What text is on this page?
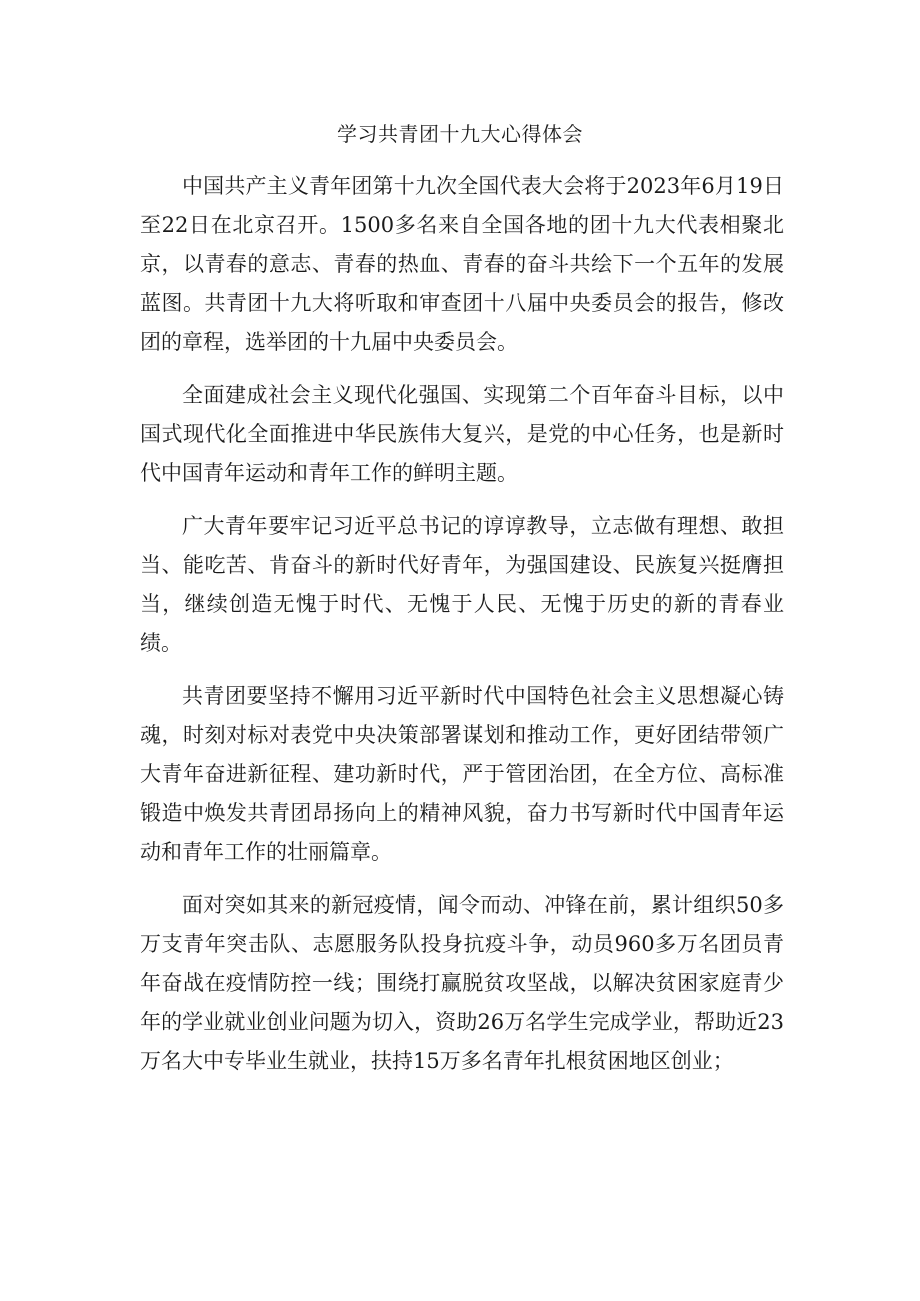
学习共青团十九大心得体会

中国共产主义青年团第十九次全国代表大会将于2023年6月19日至22日在北京召开。1500多名来自全国各地的团十九大代表相聚北京，以青春的意志、青春的热血、青春的奋斗共绘下一个五年的发展蓝图。共青团十九大将听取和审查团十八届中央委员会的报告，修改团的章程，选举团的十九届中央委员会。

全面建成社会主义现代化强国、实现第二个百年奋斗目标，以中国式现代化全面推进中华民族伟大复兴，是党的中心任务，也是新时代中国青年运动和青年工作的鲜明主题。

广大青年要牢记习近平总书记的谆谆教导，立志做有理想、敢担当、能吃苦、肯奋斗的新时代好青年，为强国建设、民族复兴挺膺担当，继续创造无愧于时代、无愧于人民、无愧于历史的新的青春业绩。

共青团要坚持不懈用习近平新时代中国特色社会主义思想凝心铸魂，时刻对标对表党中央决策部署谋划和推动工作，更好团结带领广大青年奋进新征程、建功新时代，严于管团治团，在全方位、高标准锻造中焕发共青团昂扬向上的精神风貌，奋力书写新时代中国青年运动和青年工作的壮丽篇章。

面对突如其来的新冠疫情，闻令而动、冲锋在前，累计组织50多万支青年突击队、志愿服务队投身抗疫斗争，动员960多万名团员青年奋战在疫情防控一线；围绕打赢脱贫攻坚战，以解决贫困家庭青少年的学业就业创业问题为切入，资助26万名学生完成学业，帮助近23万名大中专毕业生就业，扶持15万多名青年扎根贫困地区创业；
